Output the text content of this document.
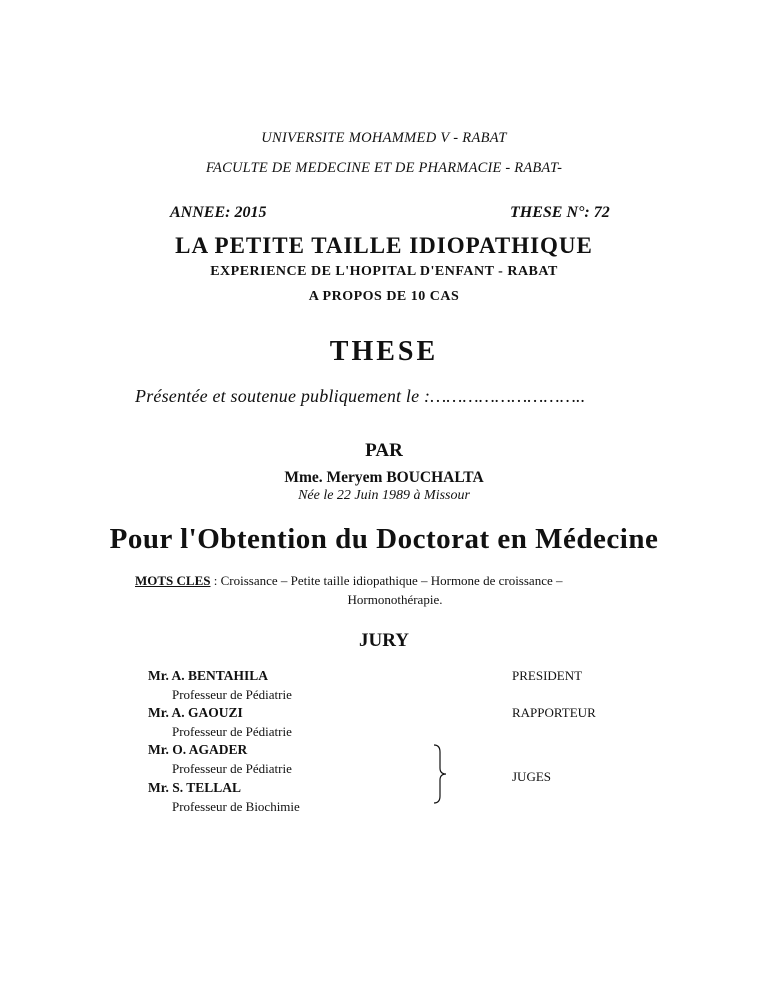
UNIVERSITE MOHAMMED V - RABAT
FACULTE DE MEDECINE ET DE PHARMACIE - RABAT-
ANNEE: 2015	THESE N°: 72
LA PETITE TAILLE IDIOPATHIQUE
EXPERIENCE DE L'HOPITAL D'ENFANT - RABAT
A PROPOS DE 10 CAS
THESE
Présentée et soutenue publiquement le :………………………..
PAR
Mme. Meryem BOUCHALTA
Née le 22 Juin 1989 à Missour
Pour l'Obtention du Doctorat en Médecine
MOTS CLES : Croissance – Petite taille idiopathique – Hormone de croissance –
Hormonothérapie.
JURY
Mr. A. BENTAHILA
Professeur de Pédiatrie
Mr. A. GAOUZI
Professeur de Pédiatrie
Mr. O. AGADER
Professeur de Pédiatrie
Mr. S. TELLAL
Professeur de Biochimie
PRESIDENT
RAPPORTEUR
JUGES
